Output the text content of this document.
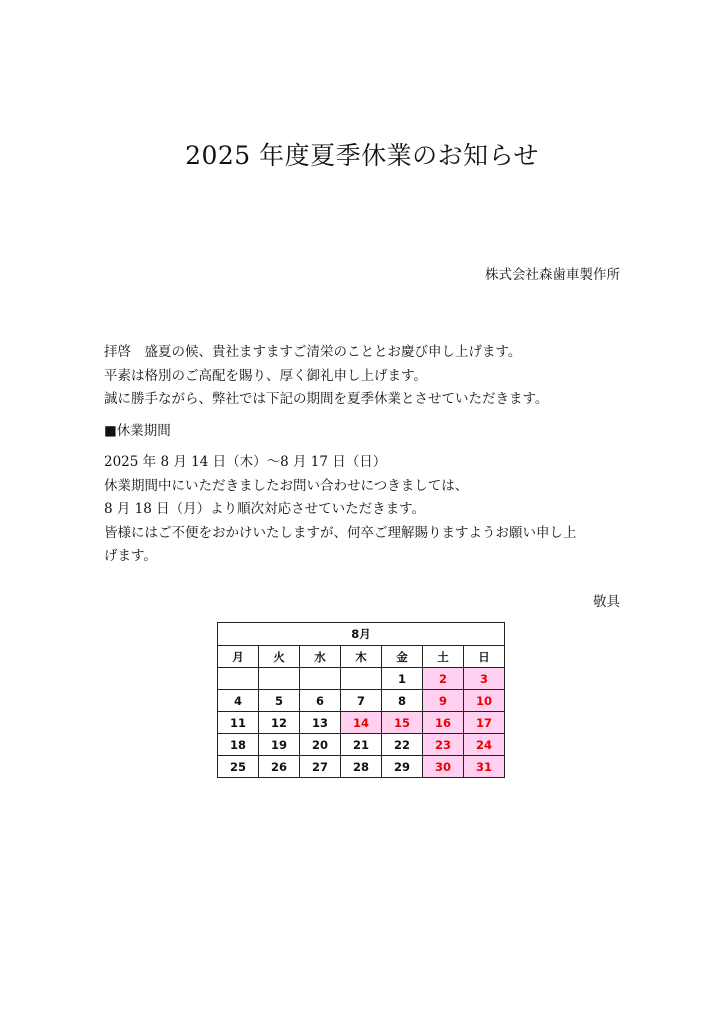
2025 年度夏季休業のお知らせ
株式会社森歯車製作所

拝啓　盛夏の候、貴社ますますご清栄のこととお慶び申し上げます。

平素は格別のご高配を賜り、厚く御礼申し上げます。

誠に勝手ながら、弊社では下記の期間を夏季休業とさせていただきます。

■休業期間

2025 年 8 月 14 日（木）～8 月 17 日（日）

休業期間中にいただきましたお問い合わせにつきましては、

8 月 18 日（月）より順次対応させていただきます。

皆様にはご不便をおかけいたしますが、何卒ご理解賜りますようお願い申し上

げます。

敬具
8月						
月	火	水	木	金	土	日
				1	2	3
4	5	6	7	8	9	10
11	12	13	14	15	16	17
18	19	20	21	22	23	24
25	26	27	28	29	30	31
